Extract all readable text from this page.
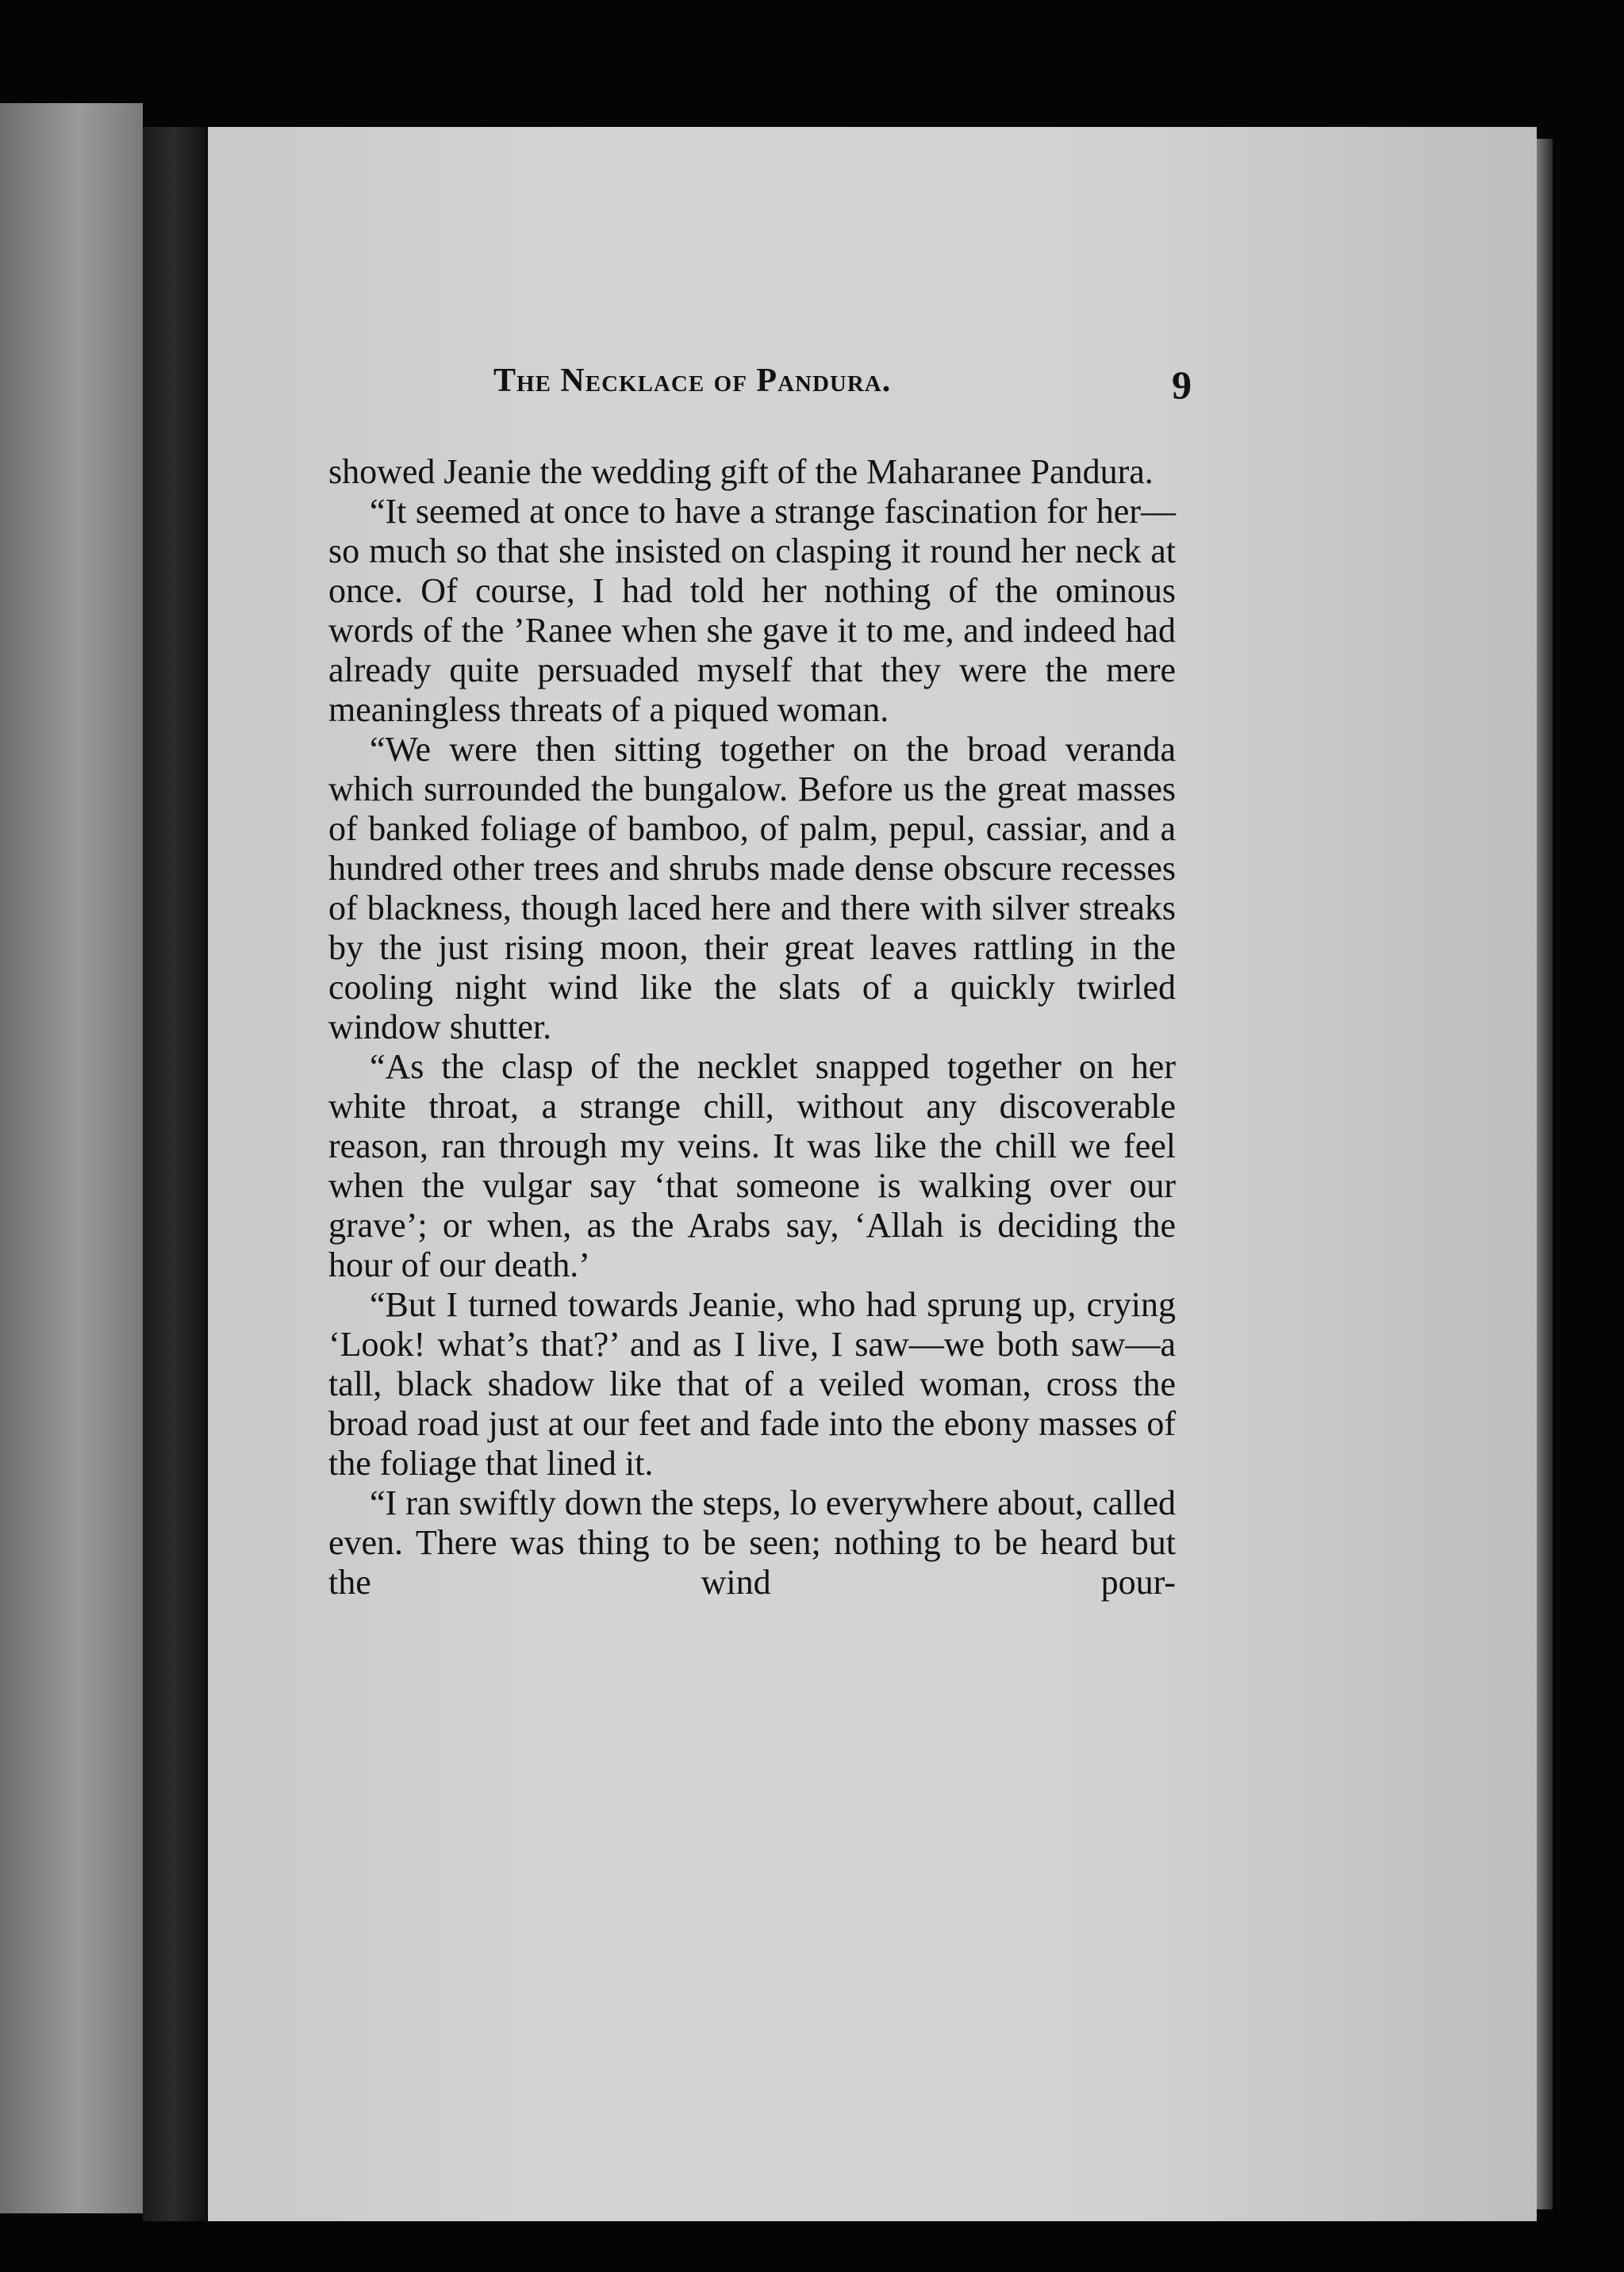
The Necklace of Pandura.	9

showed Jeanie the wedding gift of the Maharanee Pandura.

“It seemed at once to have a strange fascination for her—so much so that she insisted on clasping it round her neck at once. Of course, I had told her nothing of the ominous words of the ’Ranee when she gave it to me, and indeed had already quite persuaded myself that they were the mere meaningless threats of a piqued woman.

“We were then sitting together on the broad veranda which surrounded the bungalow. Before us the great masses of banked foliage of bamboo, of palm, pepul, cassiar, and a hundred other trees and shrubs made dense obscure recesses of blackness, though laced here and there with silver streaks by the just rising moon, their great leaves rattling in the cooling night wind like the slats of a quickly twirled window shutter.

“As the clasp of the necklet snapped together on her white throat, a strange chill, without any discoverable reason, ran through my veins. It was like the chill we feel when the vulgar say ‘that someone is walking over our grave’; or when, as the Arabs say, ‘Allah is deciding the hour of our death.’

“But I turned towards Jeanie, who had sprung up, crying ‘Look! what’s that?’ and as I live, I saw—we both saw—a tall, black shadow like that of a veiled woman, cross the broad road just at our feet and fade into the ebony masses of the foliage that lined it.

“I ran swiftly down the steps, lo everywhere about, called even. There was thing to be seen; nothing to be heard but the wind pour-
